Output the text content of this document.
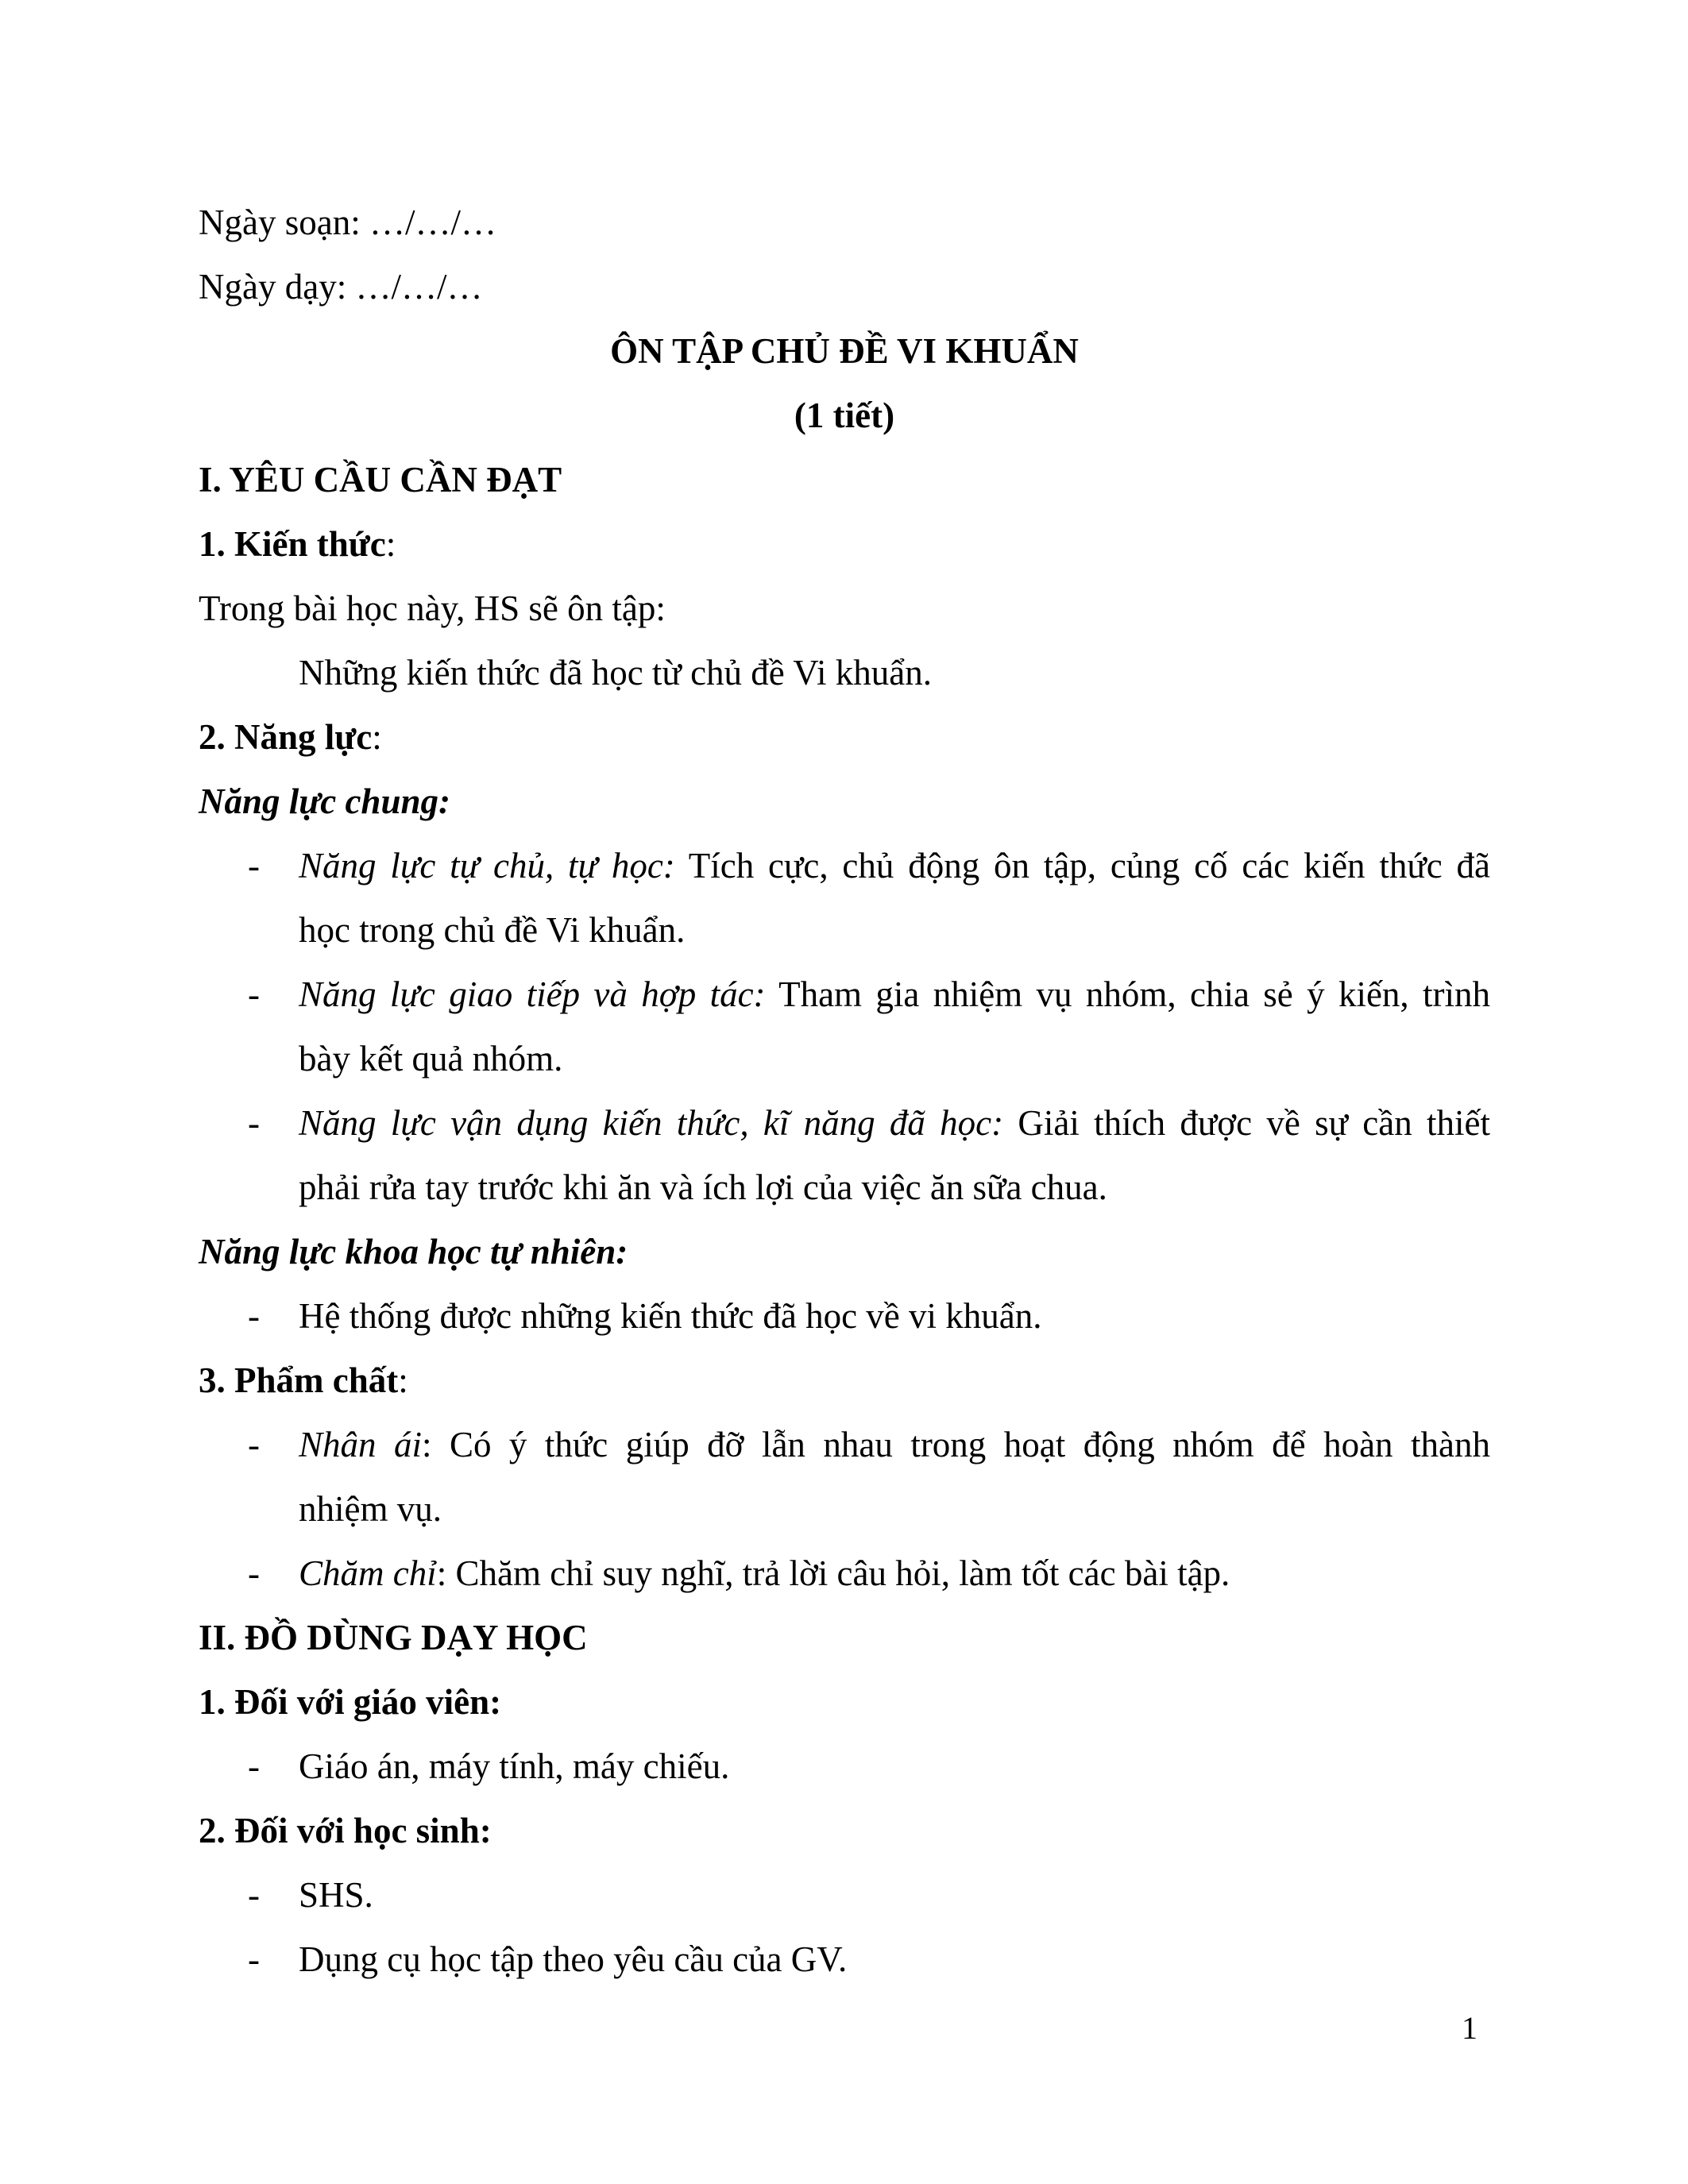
Ngày soạn: …/…/…
Ngày dạy: …/…/…
ÔN TẬP CHỦ ĐỀ VI KHUẨN
(1 tiết)
I. YÊU CẦU CẦN ĐẠT
1. Kiến thức:
Trong bài học này, HS sẽ ôn tập:
Những kiến thức đã học từ chủ đề Vi khuẩn.
2. Năng lực:
Năng lực chung:
-	Năng lực tự chủ, tự học: Tích cực, chủ động ôn tập, củng cố các kiến thức đã
học trong chủ đề Vi khuẩn.
-	Năng lực giao tiếp và hợp tác: Tham gia nhiệm vụ nhóm, chia sẻ ý kiến, trình
bày kết quả nhóm.
-	Năng lực vận dụng kiến thức, kĩ năng đã học: Giải thích được về sự cần thiết
phải rửa tay trước khi ăn và ích lợi của việc ăn sữa chua.
Năng lực khoa học tự nhiên:
-	Hệ thống được những kiến thức đã học về vi khuẩn.
3. Phẩm chất:
-	Nhân ái: Có ý thức giúp đỡ lẫn nhau trong hoạt động nhóm để hoàn thành
nhiệm vụ.
-	Chăm chỉ: Chăm chỉ suy nghĩ, trả lời câu hỏi, làm tốt các bài tập.
II. ĐỒ DÙNG DẠY HỌC
1. Đối với giáo viên:
-	Giáo án, máy tính, máy chiếu.
2. Đối với học sinh:
-	SHS.
-	Dụng cụ học tập theo yêu cầu của GV.
1
